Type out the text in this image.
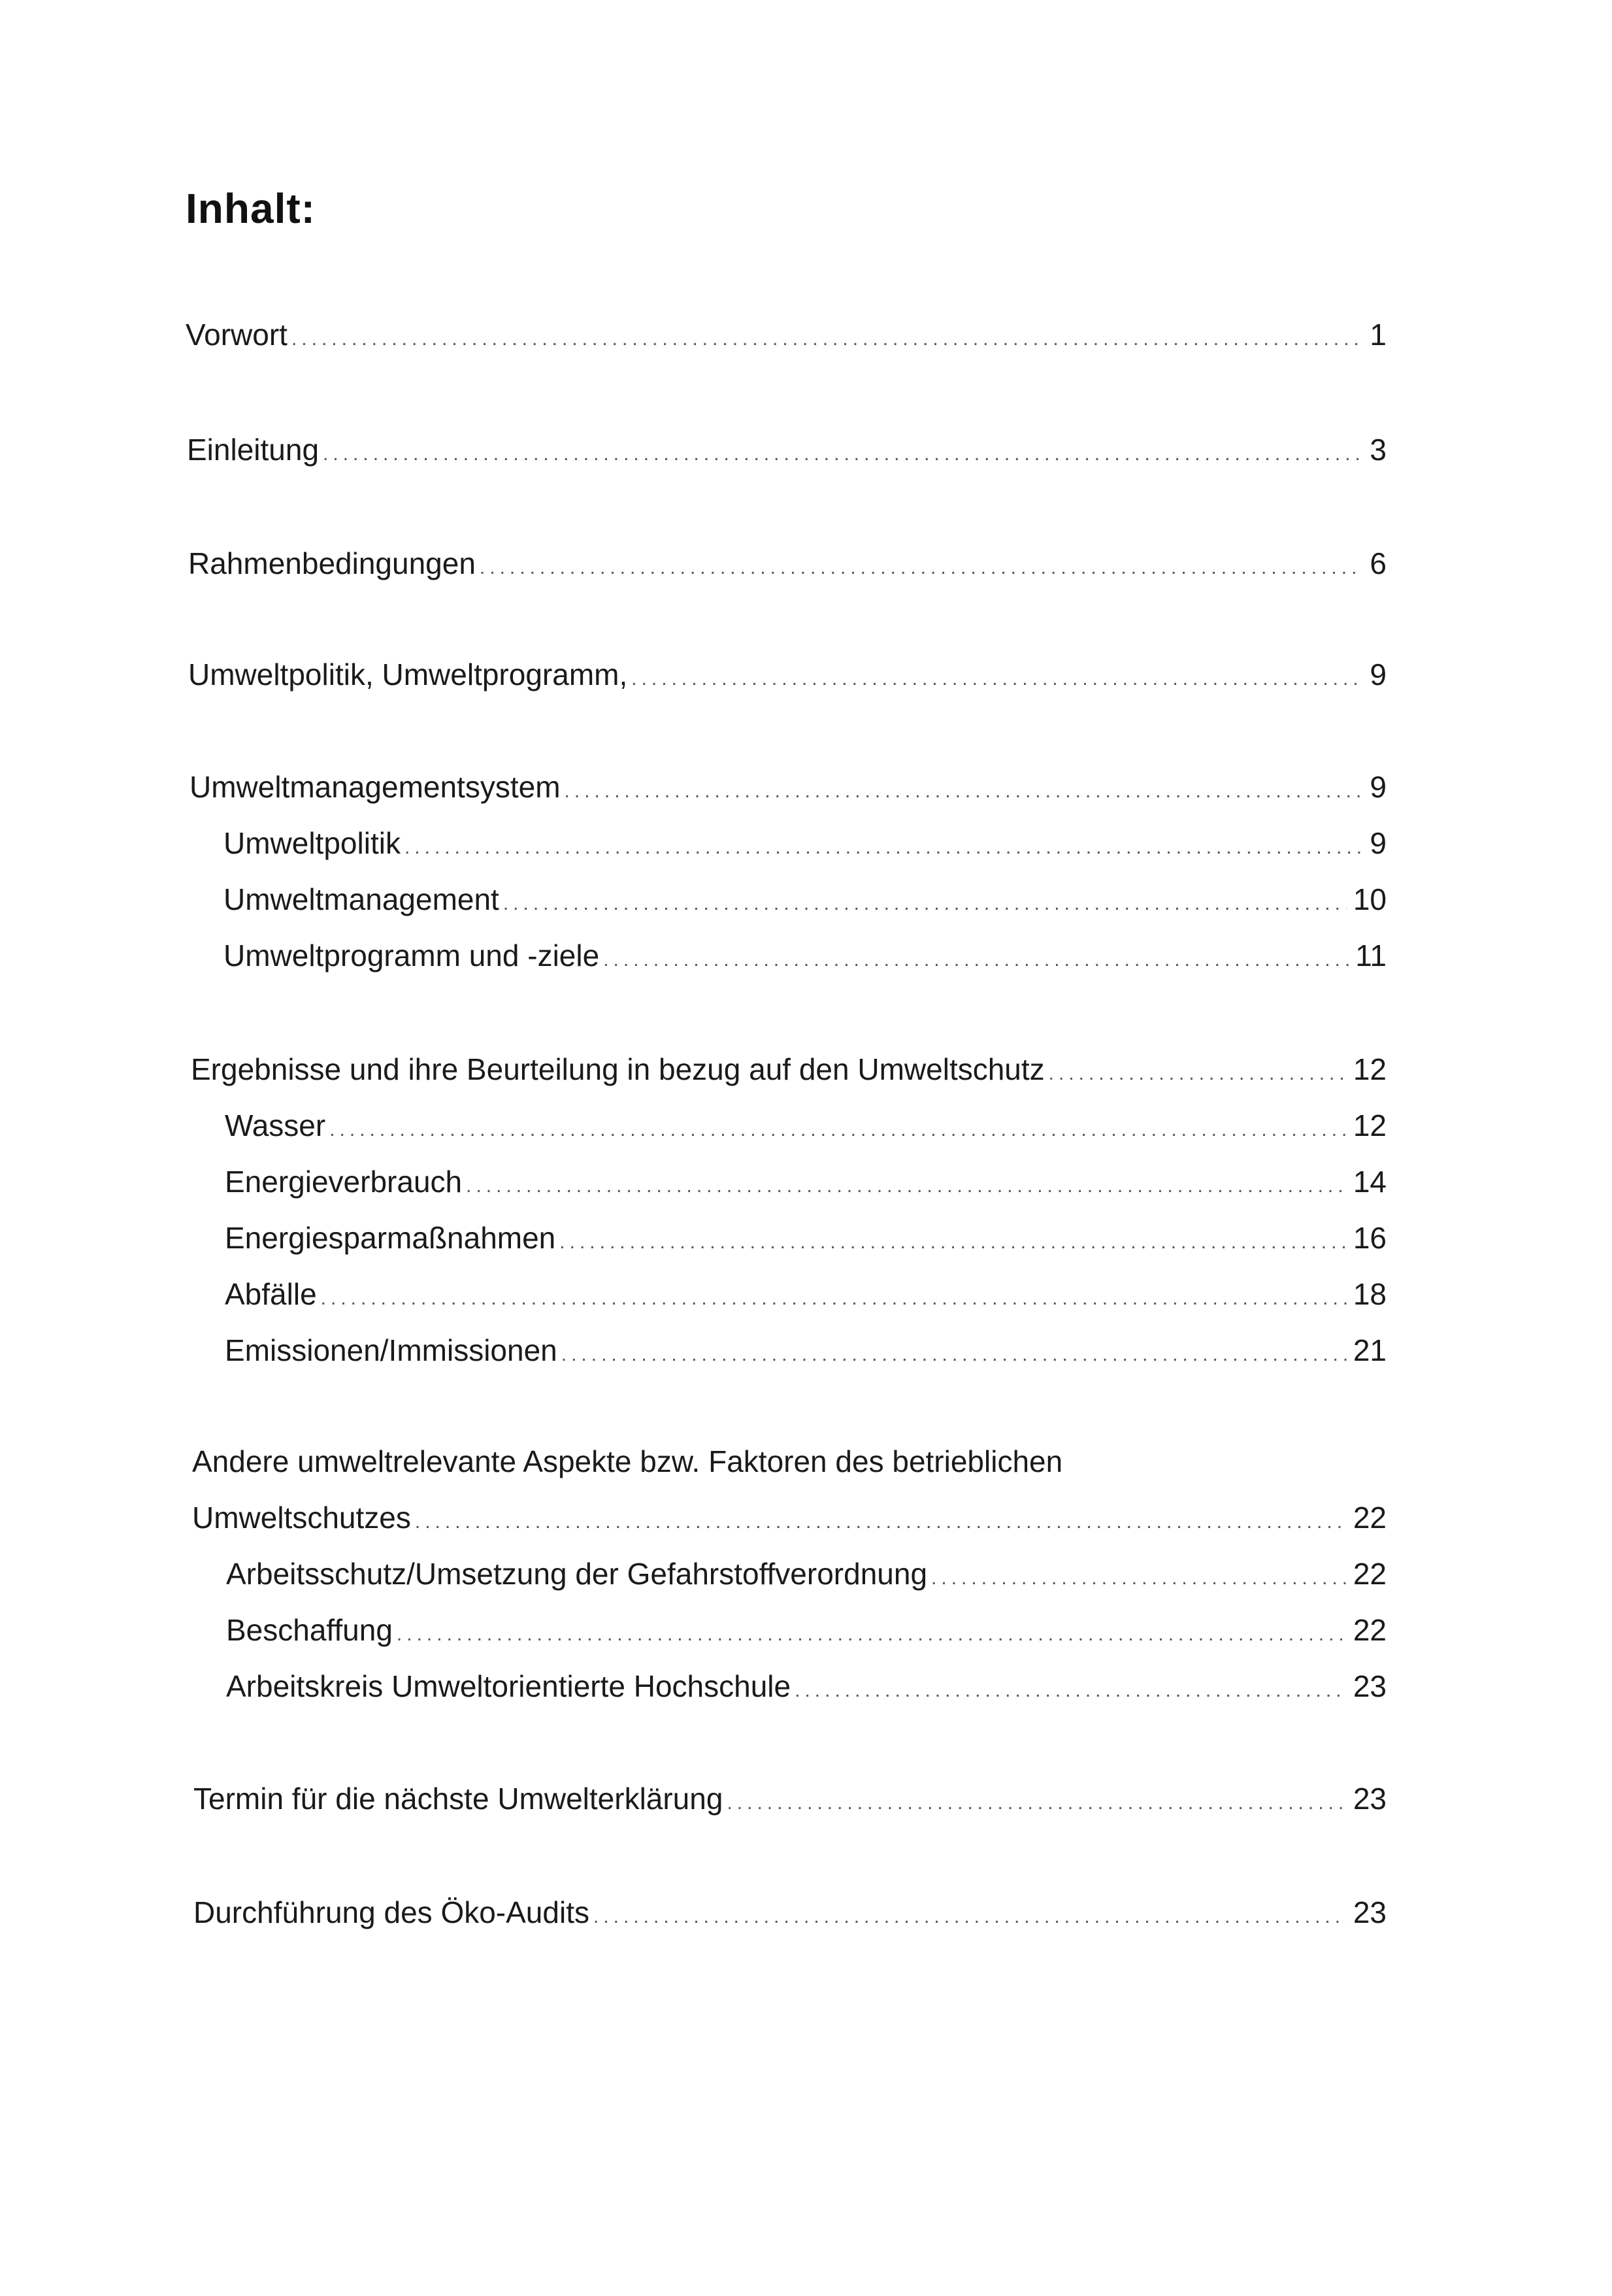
Inhalt:
Vorwort .....	1
Einleitung .....	3
Rahmenbedingungen .....	6
Umweltpolitik, Umweltprogramm, .....	9
Umweltmanagementsystem .....	9
Umweltpolitik .....	9
Umweltmanagement .....	10
Umweltprogramm und -ziele .....	11
Ergebnisse und ihre Beurteilung in bezug auf den Umweltschutz .....	12
Wasser .....	12
Energieverbrauch .....	14
Energiesparmaßnahmen .....	16
Abfälle .....	18
Emissionen/Immissionen .....	21
Andere umweltrelevante Aspekte bzw. Faktoren des betrieblichen
Umweltschutzes .....	22
Arbeitsschutz/Umsetzung der Gefahrstoffverordnung .....	22
Beschaffung .....	22
Arbeitskreis Umweltorientierte Hochschule .....	23
Termin für die nächste Umwelterklärung .....	23
Durchführung des Öko-Audits .....	23
